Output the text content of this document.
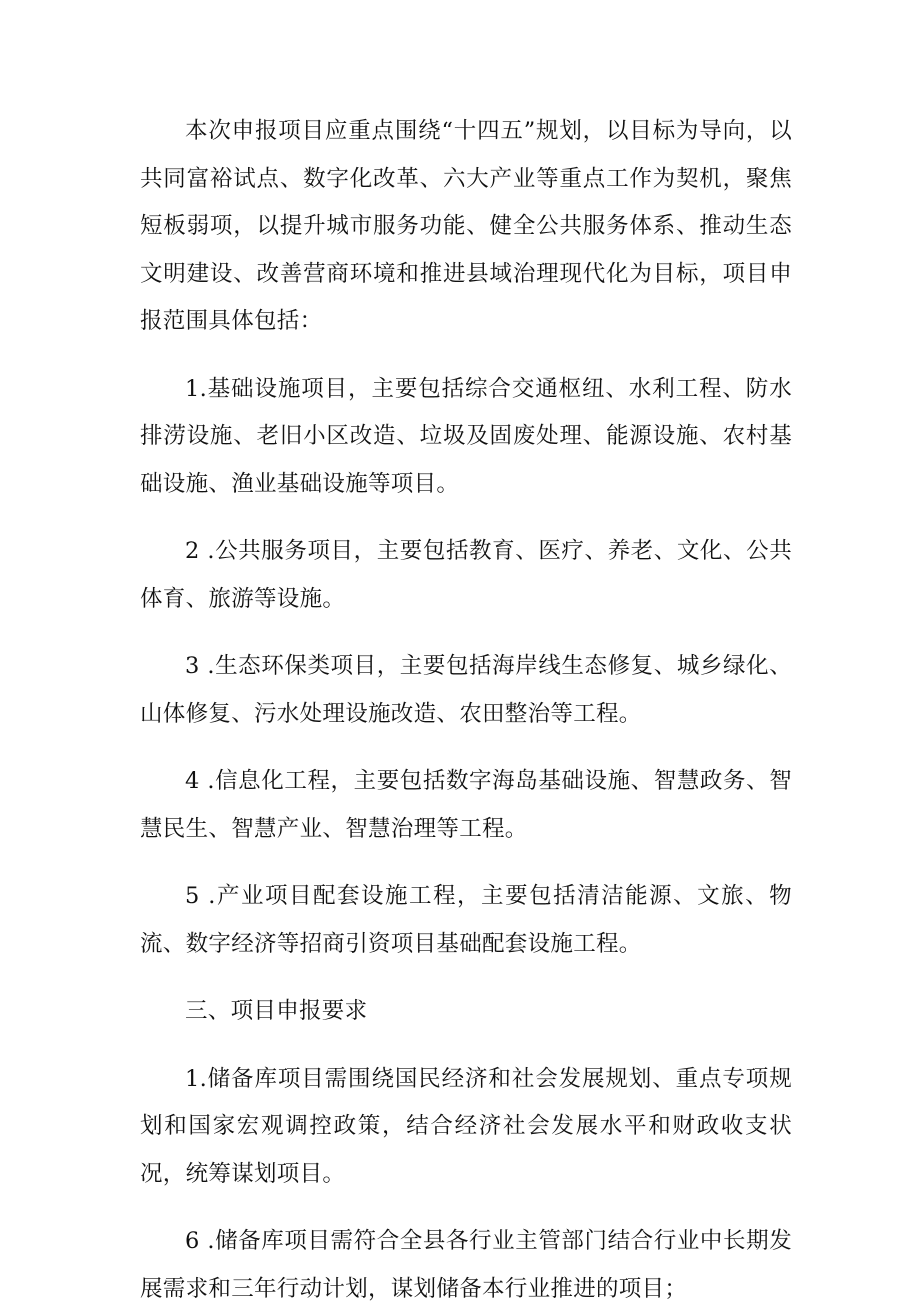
本次申报项目应重点围绕“十四五”规划，以目标为导向，以共同富裕试点、数字化改革、六大产业等重点工作为契机，聚焦短板弱项，以提升城市服务功能、健全公共服务体系、推动生态文明建设、改善营商环境和推进县域治理现代化为目标，项目申报范围具体包括：

1.基础设施项目，主要包括综合交通枢纽、水利工程、防水排涝设施、老旧小区改造、垃圾及固废处理、能源设施、农村基础设施、渔业基础设施等项目。

2 .公共服务项目，主要包括教育、医疗、养老、文化、公共体育、旅游等设施。

3 .生态环保类项目，主要包括海岸线生态修复、城乡绿化、山体修复、污水处理设施改造、农田整治等工程。

4 .信息化工程，主要包括数字海岛基础设施、智慧政务、智慧民生、智慧产业、智慧治理等工程。

5 .产业项目配套设施工程，主要包括清洁能源、文旅、物流、数字经济等招商引资项目基础配套设施工程。

三、项目申报要求

1.储备库项目需围绕国民经济和社会发展规划、重点专项规划和国家宏观调控政策，结合经济社会发展水平和财政收支状况，统筹谋划项目。

6 .储备库项目需符合全县各行业主管部门结合行业中长期发展需求和三年行动计划，谋划储备本行业推进的项目；
